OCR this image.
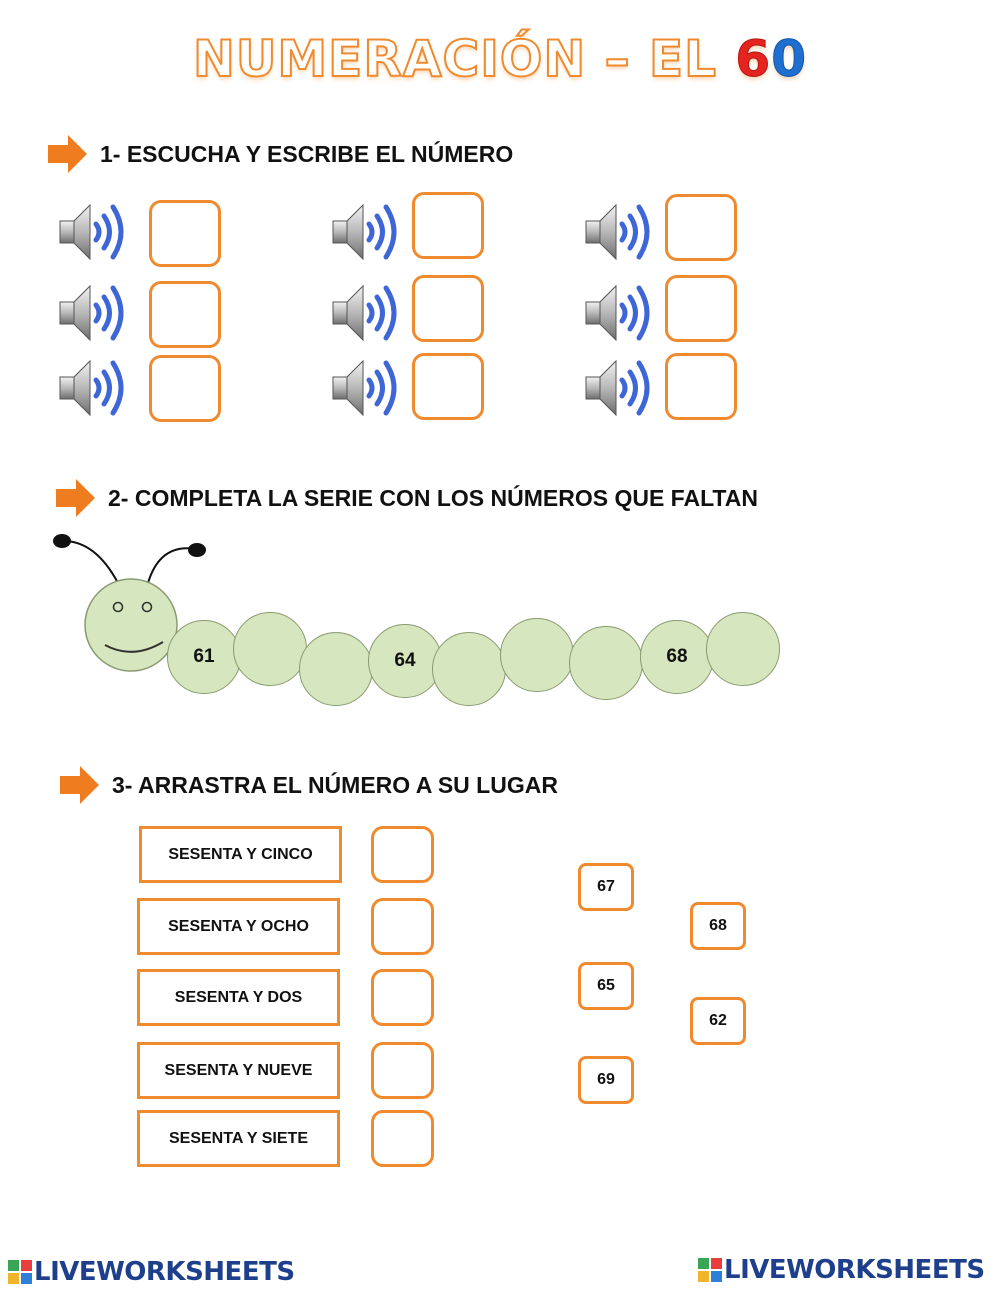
NUMERACIÓN – EL 60
1- ESCUCHA Y ESCRIBE EL NÚMERO
2- COMPLETA LA SERIE CON LOS NÚMEROS QUE FALTAN
61	64	68
3- ARRASTRA EL NÚMERO A SU LUGAR
SESENTA Y CINCO
SESENTA Y OCHO
SESENTA Y DOS
SESENTA Y NUEVE
SESENTA Y SIETE
67
68
65
62
69
LIVEWORKSHEETS	LIVEWORKSHEETS
